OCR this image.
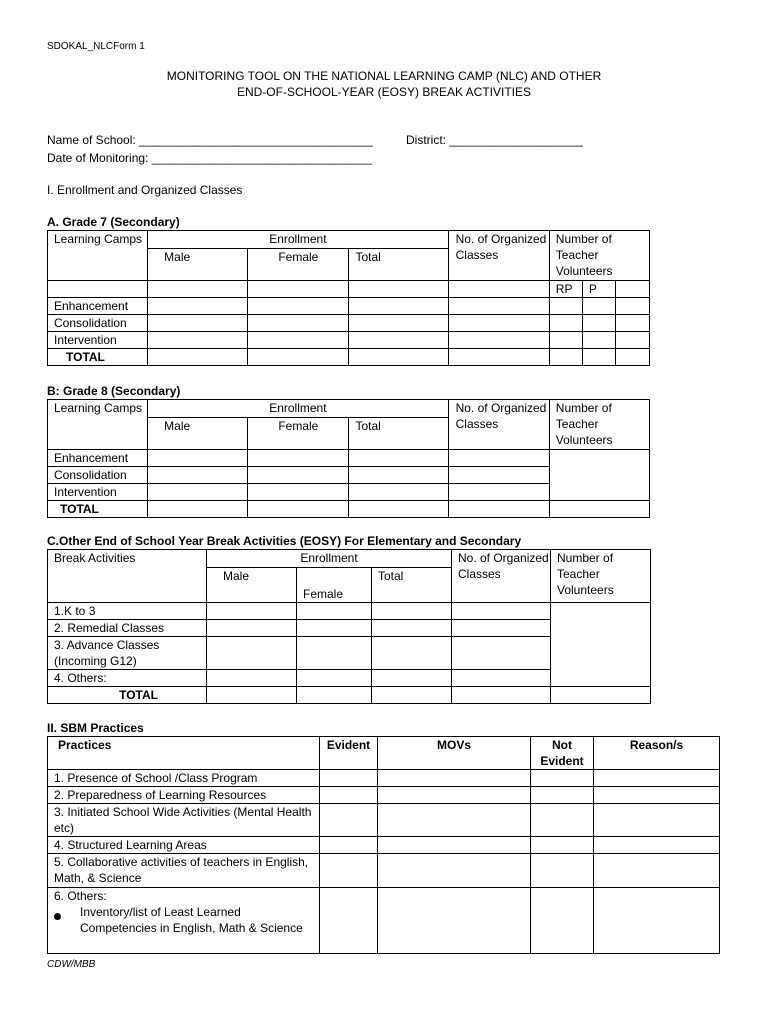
SDOKAL_NLCForm 1
MONITORING TOOL ON THE NATIONAL LEARNING CAMP (NLC) AND OTHER
END-OF-SCHOOL-YEAR (EOSY) BREAK ACTIVITIES
Name of School: ___________________________________	District: ____________________
Date of Monitoring: _________________________________
I. Enrollment and Organized Classes
A. Grade 7 (Secondary)
Learning Camps	Enrollment			No. of Organized Classes	Number of Teacher Volunteers		
	Male	Female	Total				
					RP	P	
Enhancement							
Consolidation							
Intervention							
TOTAL							
B: Grade 8 (Secondary)
Learning Camps	Enrollment			No. of Organized Classes	Number of Teacher Volunteers
	Male	Female	Total		
Enhancement					
Consolidation					
Intervention					
TOTAL					
C.Other End of School Year Break Activities (EOSY) For Elementary and Secondary
Break Activities	Enrollment			No. of Organized Classes	Number of Teacher Volunteers
	Male	Female	Total		
1.K to 3					
2. Remedial Classes					
3. Advance Classes (Incoming G12)					
4. Others:					
TOTAL					
II. SBM Practices
Practices	Evident	MOVs	Not Evident	Reason/s
1. Presence of School /Class Program				
2. Preparedness of Learning Resources				
3. Initiated School Wide Activities (Mental Health etc)				
4. Structured Learning Areas				
5. Collaborative activities of teachers in English, Math, & Science				

6. Others:
Inventory/list of Least Learned Competencies in English, Math & Science				

CDW/MBB
